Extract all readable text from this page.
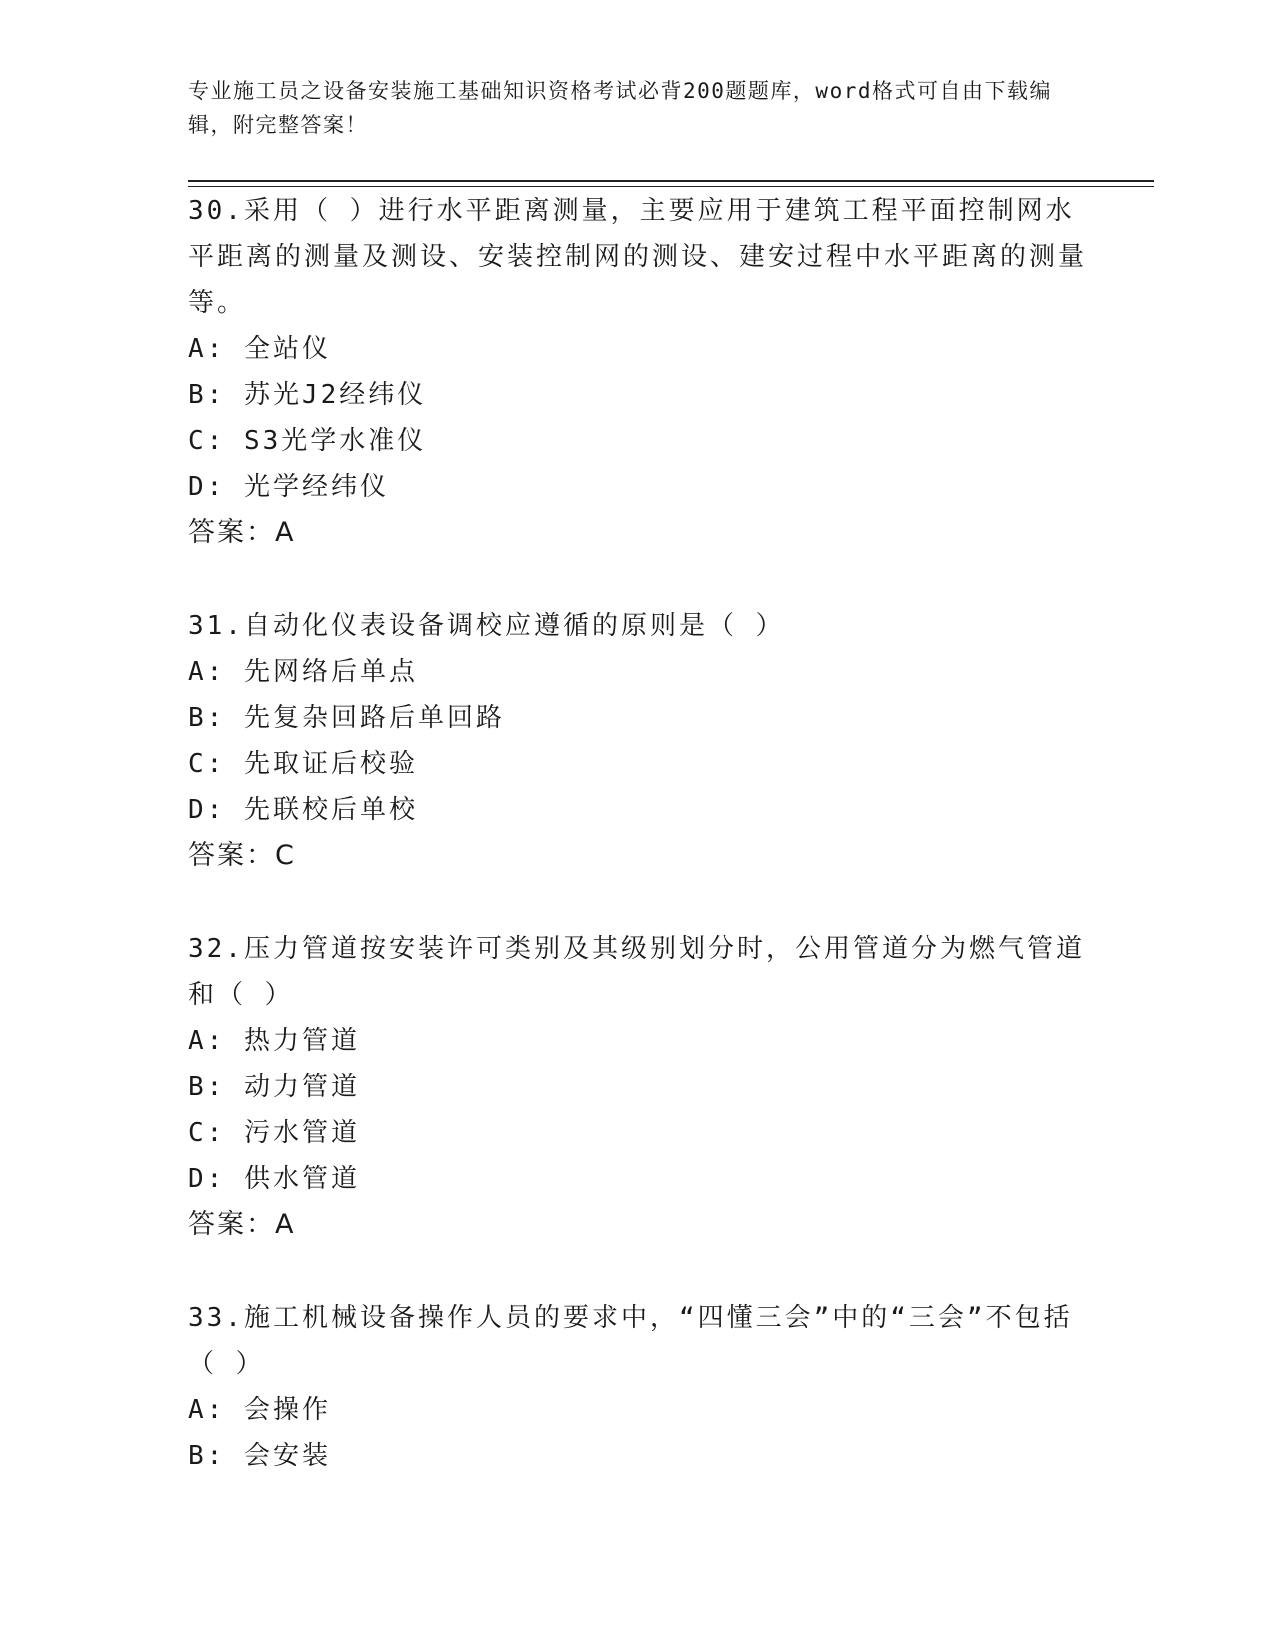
专业施工员之设备安装施工基础知识资格考试必背200题题库，word格式可自由下载编辑，附完整答案！

30.采用（ ）进行水平距离测量，主要应用于建筑工程平面控制网水平距离的测量及测设、安装控制网的测设、建安过程中水平距离的测量等。

A: 全站仪

B: 苏光J2经纬仪

C: S3光学水准仪

D: 光学经纬仪

答案：A

31.自动化仪表设备调校应遵循的原则是（ ）

A: 先网络后单点

B: 先复杂回路后单回路

C: 先取证后校验

D: 先联校后单校

答案：C

32.压力管道按安装许可类别及其级别划分时，公用管道分为燃气管道和（ ）

A: 热力管道

B: 动力管道

C: 污水管道

D: 供水管道

答案：A

33.施工机械设备操作人员的要求中，“四懂三会”中的“三会”不包括（ ）

A: 会操作

B: 会安装
